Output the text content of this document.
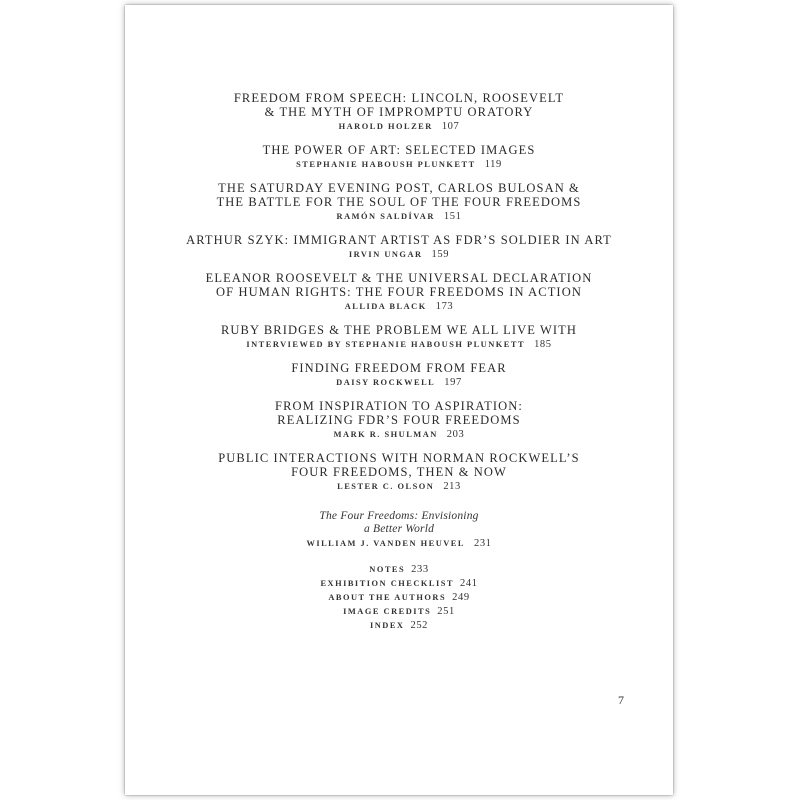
FREEDOM FROM SPEECH: LINCOLN, ROOSEVELT
& THE MYTH OF IMPROMPTU ORATORY
HAROLD HOLZER 107
THE POWER OF ART: SELECTED IMAGES
STEPHANIE HABOUSH PLUNKETT 119
THE SATURDAY EVENING POST, CARLOS BULOSAN &
THE BATTLE FOR THE SOUL OF THE FOUR FREEDOMS
RAMÓN SALDÍVAR 151
ARTHUR SZYK: IMMIGRANT ARTIST AS FDR’S SOLDIER IN ART
IRVIN UNGAR 159
ELEANOR ROOSEVELT & THE UNIVERSAL DECLARATION
OF HUMAN RIGHTS: THE FOUR FREEDOMS IN ACTION
ALLIDA BLACK 173
RUBY BRIDGES & THE PROBLEM WE ALL LIVE WITH
INTERVIEWED BY STEPHANIE HABOUSH PLUNKETT 185
FINDING FREEDOM FROM FEAR
DAISY ROCKWELL 197
FROM INSPIRATION TO ASPIRATION:
REALIZING FDR’S FOUR FREEDOMS
MARK R. SHULMAN 203
PUBLIC INTERACTIONS WITH NORMAN ROCKWELL’S
FOUR FREEDOMS, THEN & NOW
LESTER C. OLSON 213
The Four Freedoms: Envisioning
a Better World
WILLIAM J. VANDEN HEUVEL 231
NOTES 233
EXHIBITION CHECKLIST 241
ABOUT THE AUTHORS 249
IMAGE CREDITS 251
INDEX 252
7
